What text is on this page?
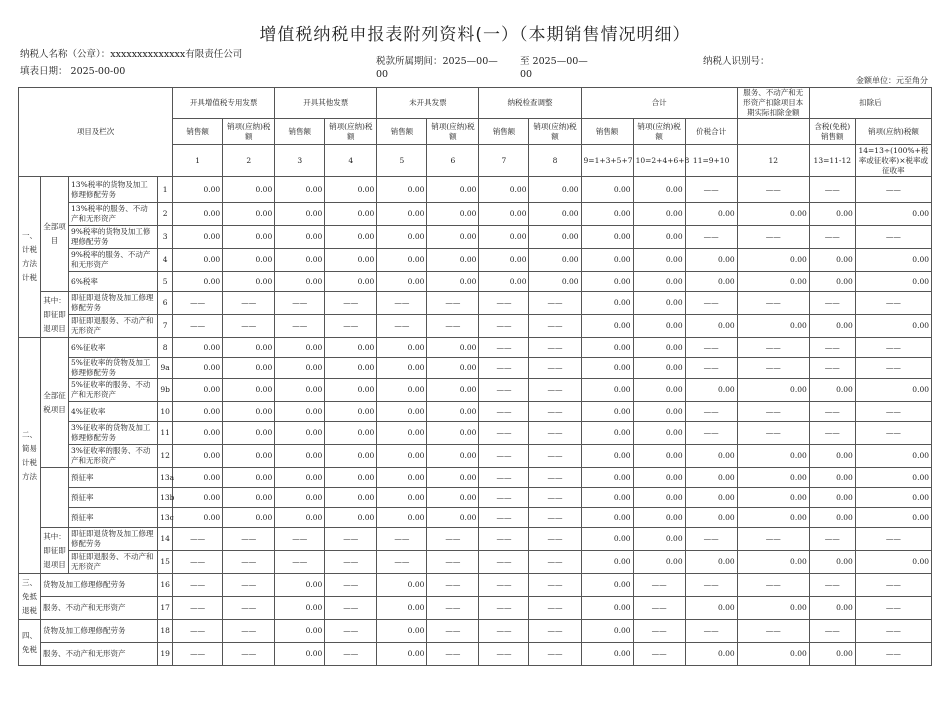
增值税纳税申报表附列资料(一）（本期销售情况明细）
纳税人名称（公章）：xxxxxxxxxxxxxx有限责任公司
填表日期： 2025-00-00
税款所属期间：2025—00—
00
至 2025—00—
00
纳税人识别号：
金额单位：元至角分
项目及栏次				开具增值税专用发票		开具其他发票		未开具发票		纳税检查调整		合计			服务、不动产和无形资产扣除项目本期实际扣除金额	扣除后	
				销售额	销项(应纳)税额	销售额	销项(应纳)税额	销售额	销项(应纳)税额	销售额	销项(应纳)税额	销售额	销项(应纳)税额	价税合计		含税(免税)销售额	销项(应纳)税额
				1	2	3	4	5	6	7	8	9=1+3+5+7	10=2+4+6+8	11=9+10	12	13=11-12	14=13÷(100%+税率或征收率)×税率或征收率
一、计税方法计税	全部项目	13%税率的货物及加工修理修配劳务	1	0.00	0.00	0.00	0.00	0.00	0.00	0.00	0.00	0.00	0.00	——	——	——	——
		13%税率的服务、不动产和无形资产	2	0.00	0.00	0.00	0.00	0.00	0.00	0.00	0.00	0.00	0.00	0.00	0.00	0.00	0.00
		9%税率的货物及加工修理修配劳务	3	0.00	0.00	0.00	0.00	0.00	0.00	0.00	0.00	0.00	0.00	——	——	——	——
		9%税率的服务、不动产和无形资产	4	0.00	0.00	0.00	0.00	0.00	0.00	0.00	0.00	0.00	0.00	0.00	0.00	0.00	0.00
		6%税率	5	0.00	0.00	0.00	0.00	0.00	0.00	0.00	0.00	0.00	0.00	0.00	0.00	0.00	0.00
	其中：即征即退项目	即征即退货物及加工修理修配劳务	6	——	——	——	——	——	——	——	——	0.00	0.00	——	——	——	——
		即征即退服务、不动产和无形资产	7	——	——	——	——	——	——	——	——	0.00	0.00	0.00	0.00	0.00	0.00
二、简易计税方法	全部征税项目	6%征收率	8	0.00	0.00	0.00	0.00	0.00	0.00	——	——	0.00	0.00	——	——	——	——
		5%征收率的货物及加工修理修配劳务	9a	0.00	0.00	0.00	0.00	0.00	0.00	——	——	0.00	0.00	——	——	——	——
		5%征收率的服务、不动产和无形资产	9b	0.00	0.00	0.00	0.00	0.00	0.00	——	——	0.00	0.00	0.00	0.00	0.00	0.00
		4%征收率	10	0.00	0.00	0.00	0.00	0.00	0.00	——	——	0.00	0.00	——	——	——	——
		3%征收率的货物及加工修理修配劳务	11	0.00	0.00	0.00	0.00	0.00	0.00	——	——	0.00	0.00	——	——	——	——
		3%征收率的服务、不动产和无形资产	12	0.00	0.00	0.00	0.00	0.00	0.00	——	——	0.00	0.00	0.00	0.00	0.00	0.00
		预征率	13a	0.00	0.00	0.00	0.00	0.00	0.00	——	——	0.00	0.00	0.00	0.00	0.00	0.00
		预征率	13b	0.00	0.00	0.00	0.00	0.00	0.00	——	——	0.00	0.00	0.00	0.00	0.00	0.00
		预征率	13c	0.00	0.00	0.00	0.00	0.00	0.00	——	——	0.00	0.00	0.00	0.00	0.00	0.00
	其中：即征即退项目	即征即退货物及加工修理修配劳务	14	——	——	——	——	——	——	——	——	0.00	0.00	——	——	——	——
		即征即退服务、不动产和无形资产	15	——	——	——	——	——	——	——	——	0.00	0.00	0.00	0.00	0.00	0.00
三、免抵退税	货物及加工修理修配劳务		16	——	——	0.00	——	0.00	——	——	——	0.00	——	——	——	——	——
	服务、不动产和无形资产		17	——	——	0.00	——	0.00	——	——	——	0.00	——	0.00	0.00	0.00	——
四、免税	货物及加工修理修配劳务		18	——	——	0.00	——	0.00	——	——	——	0.00	——	——	——	——	——
	服务、不动产和无形资产		19	——	——	0.00	——	0.00	——	——	——	0.00	——	0.00	0.00	0.00	——
